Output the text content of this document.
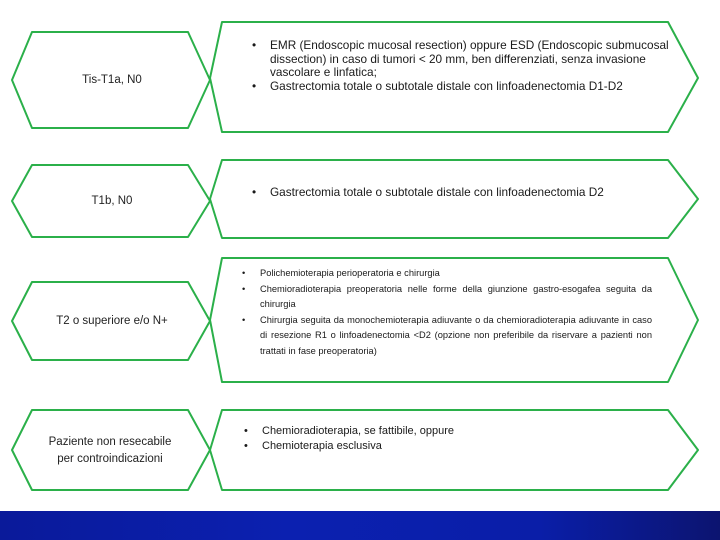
Tis-T1a, N0
• EMR (Endoscopic mucosal resection) oppure ESD (Endoscopic submucosal dissection) in caso di tumori < 20 mm, ben differenziati, senza invasione vascolare e linfatica;
• Gastrectomia totale o subtotale distale con linfoadenectomia D1-D2
T1b, N0
• Gastrectomia totale o subtotale distale con linfoadenectomia D2
T2 o superiore e/o N+
• Polichemioterapia perioperatoria e chirurgia
• Chemioradioterapia preoperatoria nelle forme della giunzione gastro-esogafea seguita da chirurgia
• Chirurgia seguita da monochemioterapia adiuvante o da chemioradioterapia adiuvante in caso di resezione R1 o linfoadenectomia <D2 (opzione non preferibile da riservare a pazienti non trattati in fase preoperatoria)
Paziente non resecabile per controindicazioni
• Chemioradioterapia, se fattibile, oppure
• Chemioterapia esclusiva
